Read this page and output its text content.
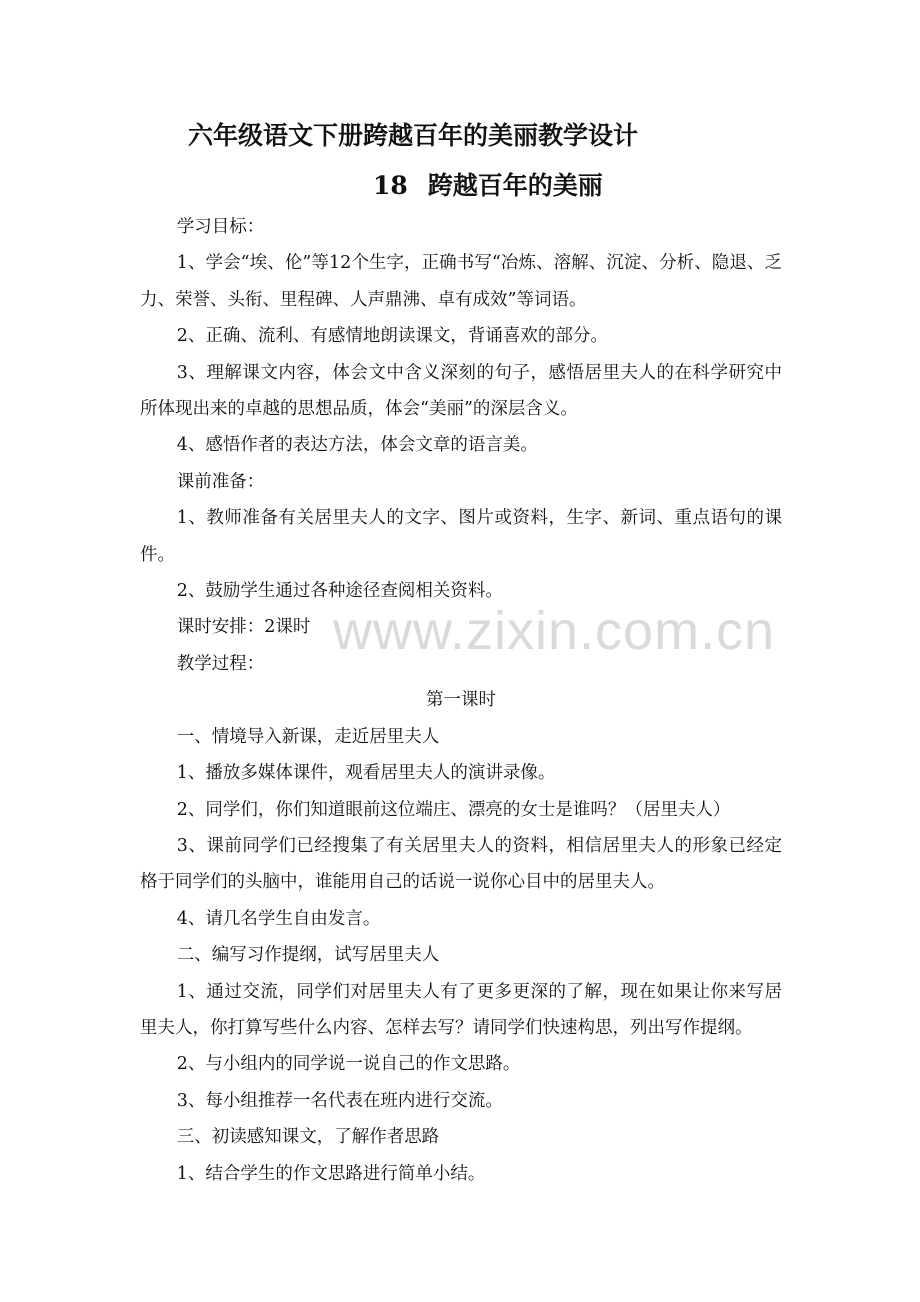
六年级语文下册跨越百年的美丽教学设计
18 跨越百年的美丽

学习目标：

1、学会“埃、伦”等12个生字，正确书写“冶炼、溶解、沉淀、分析、隐退、乏力、荣誉、头衔、里程碑、人声鼎沸、卓有成效”等词语。

2、正确、流利、有感情地朗读课文，背诵喜欢的部分。

3、理解课文内容，体会文中含义深刻的句子，感悟居里夫人的在科学研究中所体现出来的卓越的思想品质，体会“美丽”的深层含义。

4、感悟作者的表达方法，体会文章的语言美。

课前准备：

1、教师准备有关居里夫人的文字、图片或资料，生字、新词、重点语句的课件。

2、鼓励学生通过各种途径查阅相关资料。

课时安排：2课时

教学过程：

第一课时

一、情境导入新课，走近居里夫人

1、播放多媒体课件，观看居里夫人的演讲录像。

2、同学们，你们知道眼前这位端庄、漂亮的女士是谁吗？（居里夫人）

3、课前同学们已经搜集了有关居里夫人的资料，相信居里夫人的形象已经定格于同学们的头脑中，谁能用自己的话说一说你心目中的居里夫人。

4、请几名学生自由发言。

二、编写习作提纲，试写居里夫人

1、通过交流，同学们对居里夫人有了更多更深的了解，现在如果让你来写居里夫人，你打算写些什么内容、怎样去写？请同学们快速构思，列出写作提纲。

2、与小组内的同学说一说自己的作文思路。

3、每小组推荐一名代表在班内进行交流。

三、初读感知课文，了解作者思路

1、结合学生的作文思路进行简单小结。

www.zixin.com.cn
